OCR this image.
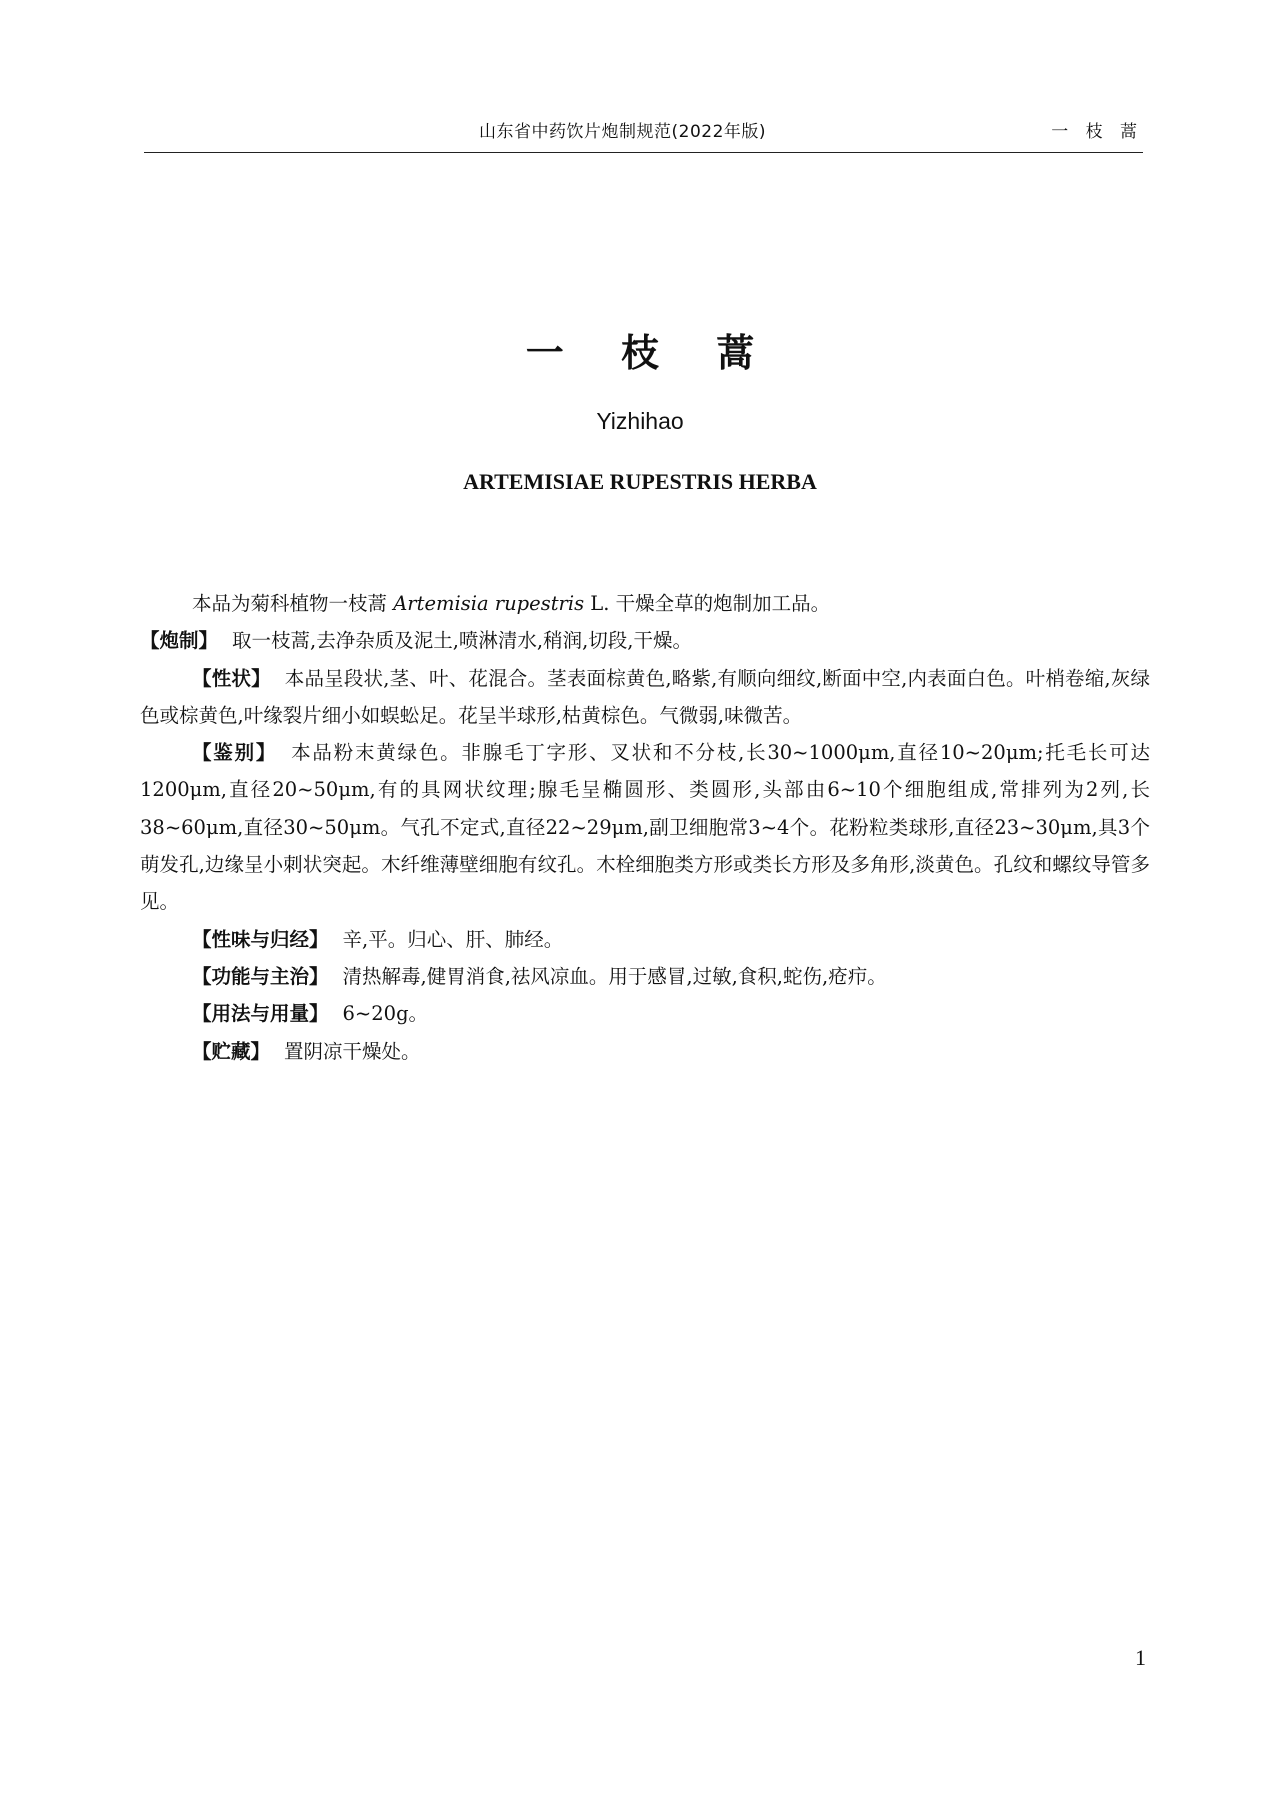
山东省中药饮片炮制规范(2022年版)	一 枝 蒿
一 枝 蒿
Yizhihao
ARTEMISIAE RUPESTRIS HERBA

本品为菊科植物一枝蒿 Artemisia rupestris L. 干燥全草的炮制加工品。

【炮制】 取一枝蒿,去净杂质及泥土,喷淋清水,稍润,切段,干燥。

【性状】 本品呈段状,茎、叶、花混合。茎表面棕黄色,略紫,有顺向细纹,断面中空,内表面白色。叶梢卷缩,灰绿色或棕黄色,叶缘裂片细小如蜈蚣足。花呈半球形,枯黄棕色。气微弱,味微苦。

【鉴别】 本品粉末黄绿色。非腺毛丁字形、叉状和不分枝,长30~1000μm,直径10~20μm;托毛长可达1200μm,直径20~50μm,有的具网状纹理;腺毛呈椭圆形、类圆形,头部由6~10个细胞组成,常排列为2列,长38~60μm,直径30~50μm。气孔不定式,直径22~29μm,副卫细胞常3~4个。花粉粒类球形,直径23~30μm,具3个萌发孔,边缘呈小刺状突起。木纤维薄壁细胞有纹孔。木栓细胞类方形或类长方形及多角形,淡黄色。孔纹和螺纹导管多见。

【性味与归经】 辛,平。归心、肝、肺经。

【功能与主治】 清热解毒,健胃消食,祛风凉血。用于感冒,过敏,食积,蛇伤,疮疖。

【用法与用量】 6~20g。

【贮藏】 置阴凉干燥处。

1
